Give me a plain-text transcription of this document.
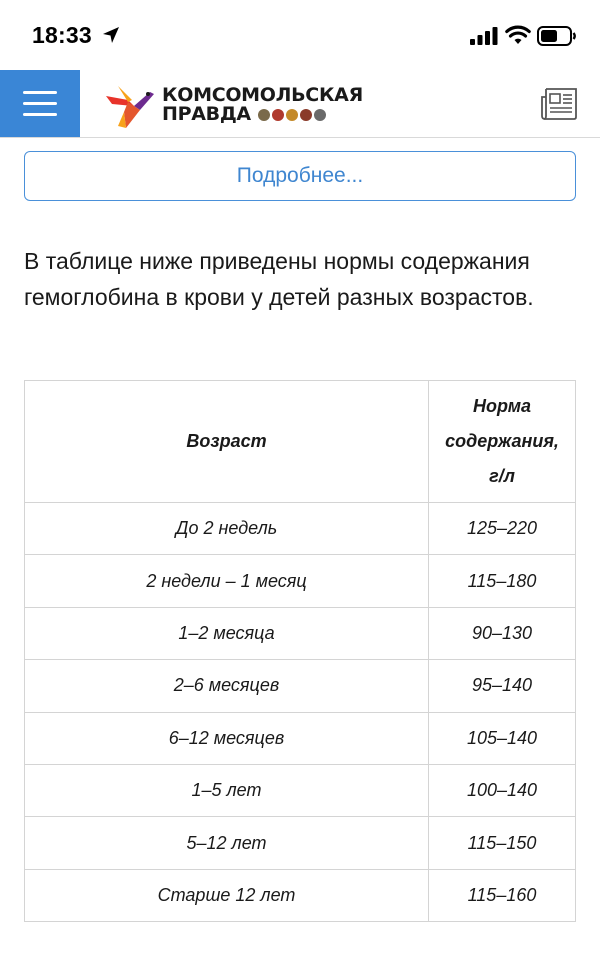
18:33
КОМСОМОЛЬСКАЯ
ПРАВДА
Подробнее...

В таблице ниже приведены нормы содержания гемоглобина в крови у детей разных возрастов.

Возраст	Норма
содержания,
г/л
До 2 недель	125–220
2 недели – 1 месяц	115–180
1–2 месяца	90–130
2–6 месяцев	95–140
6–12 месяцев	105–140
1–5 лет	100–140
5–12 лет	115–150
Старше 12 лет	115–160
